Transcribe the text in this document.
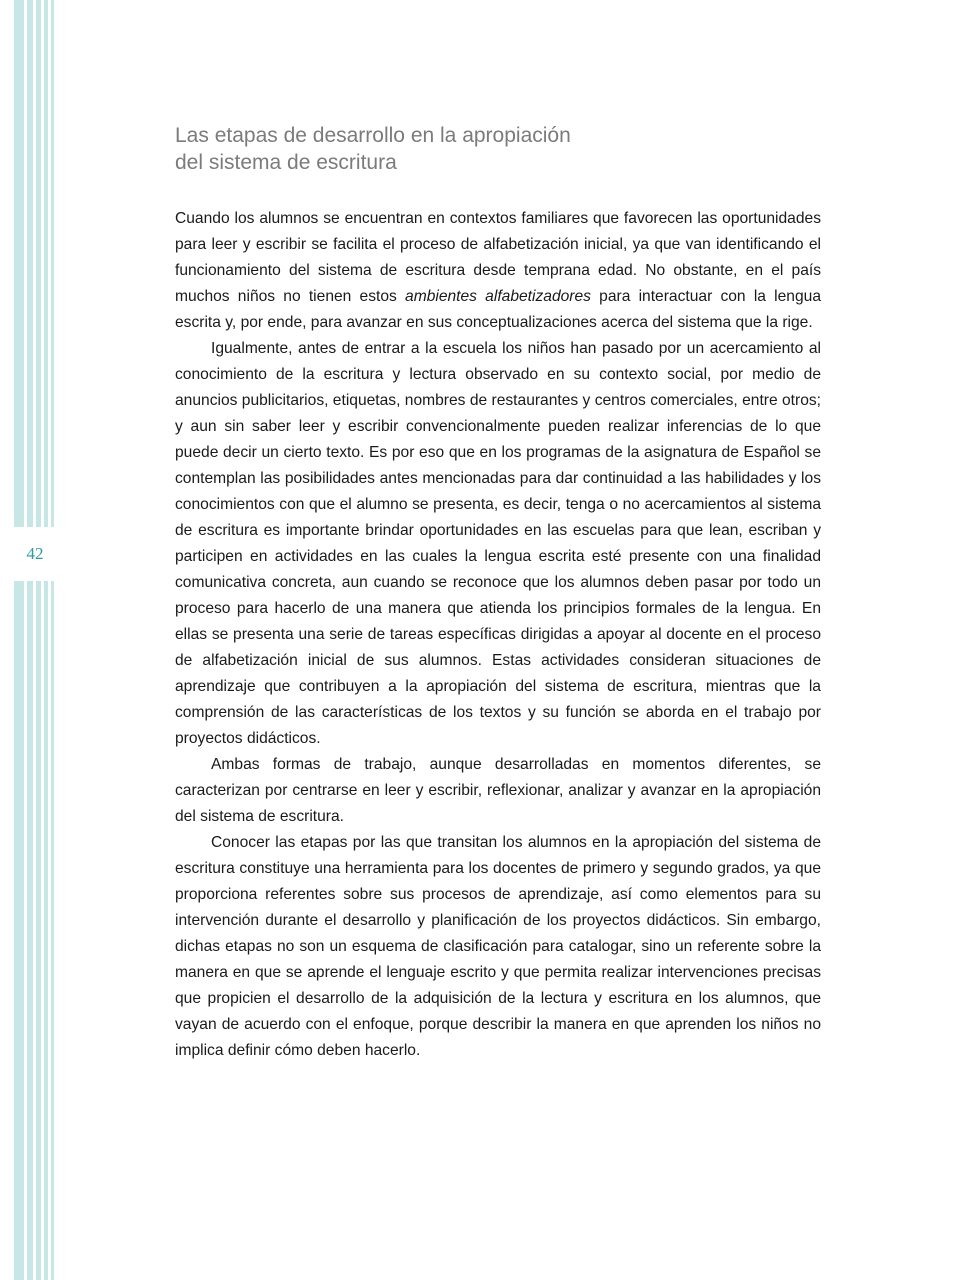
42
Las etapas de desarrollo en la apropiación
del sistema de escritura

Cuando los alumnos se encuentran en contextos familiares que favorecen las oportunidades para leer y escribir se facilita el proceso de alfabetización inicial, ya que van identificando el funcionamiento del sistema de escritura desde temprana edad. No obstante, en el país muchos niños no tienen estos ambientes alfabetizadores para interactuar con la lengua escrita y, por ende, para avanzar en sus conceptualizaciones acerca del sistema que la rige.

Igualmente, antes de entrar a la escuela los niños han pasado por un acercamiento al conocimiento de la escritura y lectura observado en su contexto social, por medio de anuncios publicitarios, etiquetas, nombres de restaurantes y centros comerciales, entre otros; y aun sin saber leer y escribir convencionalmente pueden realizar inferencias de lo que puede decir un cierto texto. Es por eso que en los programas de la asignatura de Español se contemplan las posibilidades antes mencionadas para dar continuidad a las habilidades y los conocimientos con que el alumno se presenta, es decir, tenga o no acercamientos al sistema de escritura es importante brindar oportunidades en las escuelas para que lean, escriban y participen en actividades en las cuales la lengua escrita esté presente con una finalidad comunicativa concreta, aun cuando se reconoce que los alumnos deben pasar por todo un proceso para hacerlo de una manera que atienda los principios formales de la lengua. En ellas se presenta una serie de tareas específicas dirigidas a apoyar al docente en el proceso de alfabetización inicial de sus alumnos. Estas actividades consideran situaciones de aprendizaje que contribuyen a la apropiación del sistema de escritura, mientras que la comprensión de las características de los textos y su función se aborda en el trabajo por proyectos didácticos.

Ambas formas de trabajo, aunque desarrolladas en momentos diferentes, se caracterizan por centrarse en leer y escribir, reflexionar, analizar y avanzar en la apropiación del sistema de escritura.

Conocer las etapas por las que transitan los alumnos en la apropiación del sistema de escritura constituye una herramienta para los docentes de primero y segundo grados, ya que proporciona referentes sobre sus procesos de aprendizaje, así como elementos para su intervención durante el desarrollo y planificación de los proyectos didácticos. Sin embargo, dichas etapas no son un esquema de clasificación para catalogar, sino un referente sobre la manera en que se aprende el lenguaje escrito y que permita realizar intervenciones precisas que propicien el desarrollo de la adquisición de la lectura y escritura en los alumnos, que vayan de acuerdo con el enfoque, porque describir la manera en que aprenden los niños no implica definir cómo deben hacerlo.
